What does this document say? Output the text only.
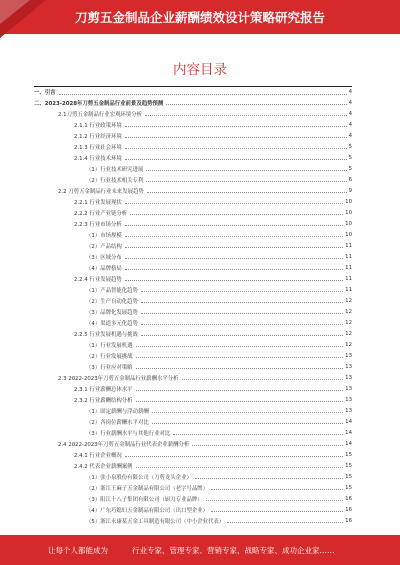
刀剪五金制品企业薪酬绩效设计策略研究报告
内容目录
一、引言	4
二、2023-2028年刀剪五金制品行业前景及趋势预测	4
2.1刀剪五金制品行业宏观环境分析	4
2.1.1 行业政策环境	4
2.1.2 行业经济环境	4
2.1.3 行业社会环境	5
2.1.4 行业技术环境	5
（1）行业技术研究进展	5
（2）行业技术相关专利	6
2.2 刀剪五金制品行业未来发展趋势	9
2.2.1 行业发展现状	10
2.2.2 行业产业链分析	10
2.2.3 行业市场分析	10
（1）市场规模	10
（2）产品结构	11
（3）区域分布	11
（4）品牌格局	11
2.2.4 行业发展趋势	11
（1）产品智能化趋势	11
（2）生产自动化趋势	12
（3）品牌化发展趋势	12
（4）渠道多元化趋势	12
2.2.5 行业发展机遇与挑战	12
（1）行业发展机遇	12
（2）行业发展挑战	13
（3）行业应对策略	13
2.3 2022-2023年刀剪五金制品行业薪酬水平分析	13
2.3.1 行业薪酬总体水平	13
2.3.2 行业薪酬结构分析	13
（1）固定薪酬与浮动薪酬	13
（2）各岗位薪酬水平对比	14
（3）行业薪酬水平与其他行业对比	14
2.4 2022-2023年刀剪五金制品行业代表企业薪酬分析	14
2.4.1 行业企业概况	15
2.4.2 代表企业薪酬案例	15
（1）张小泉股份有限公司（刀剪龙头企业）	15
（2）浙江王麻子五金制品有限公司（老字号品牌）	15
（3）阳江十八子集团有限公司（厨刀专业品牌）	16
（4）广东巧媳妇五金制品有限公司（出口型企业）	16
（5）浙江永康某五金工具制造有限公司（中小企业代表）	16
让每个人都能成为	行业专家、管理专家、营销专家、战略专家、成功企业家……
